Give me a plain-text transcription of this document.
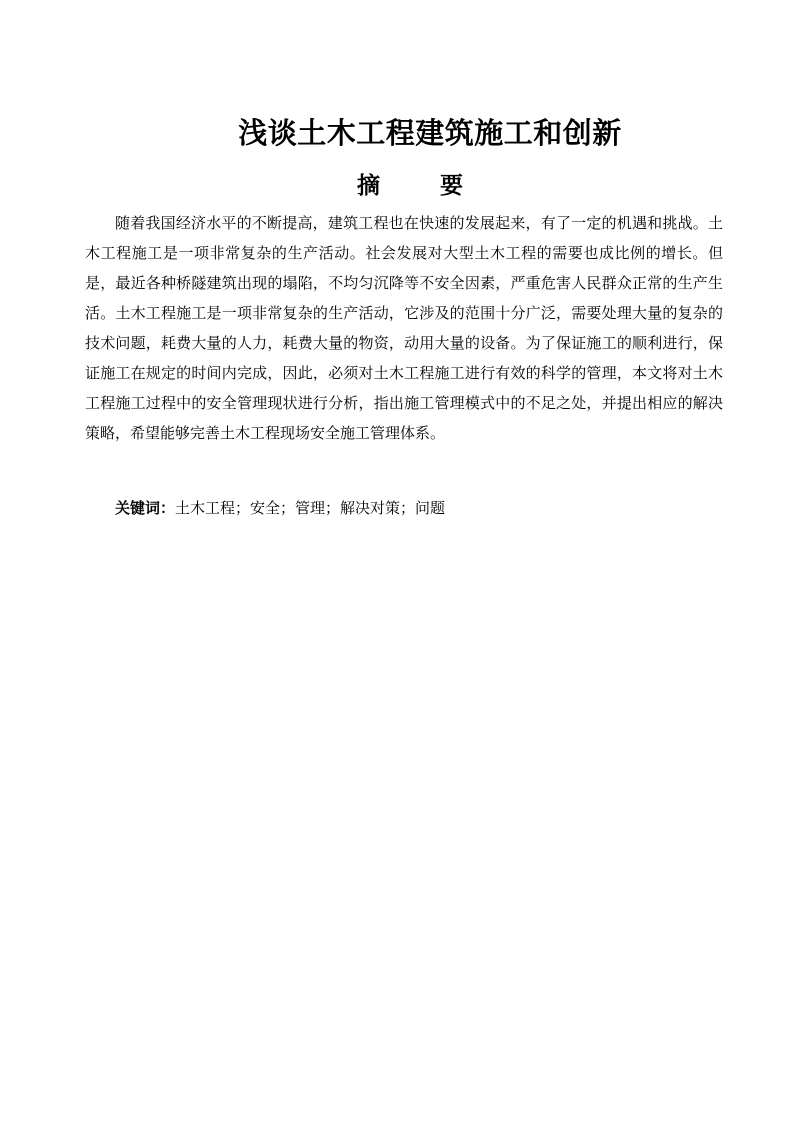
浅谈土木工程建筑施工和创新
摘 要
随着我国经济水平的不断提高，建筑工程也在快速的发展起来，有了一定的机遇和挑战。土木工程施工是一项非常复杂的生产活动。社会发展对大型土木工程的需要也成比例的增长。但是，最近各种桥隧建筑出现的塌陷，不均匀沉降等不安全因素，严重危害人民群众正常的生产生活。土木工程施工是一项非常复杂的生产活动，它涉及的范围十分广泛，需要处理大量的复杂的技术问题，耗费大量的人力，耗费大量的物资，动用大量的设备。为了保证施工的顺利进行，保证施工在规定的时间内完成，因此，必须对土木工程施工进行有效的科学的管理，本文将对土木工程施工过程中的安全管理现状进行分析，指出施工管理模式中的不足之处，并提出相应的解决策略，希望能够完善土木工程现场安全施工管理体系。
关键词：土木工程；安全；管理；解决对策；问题
